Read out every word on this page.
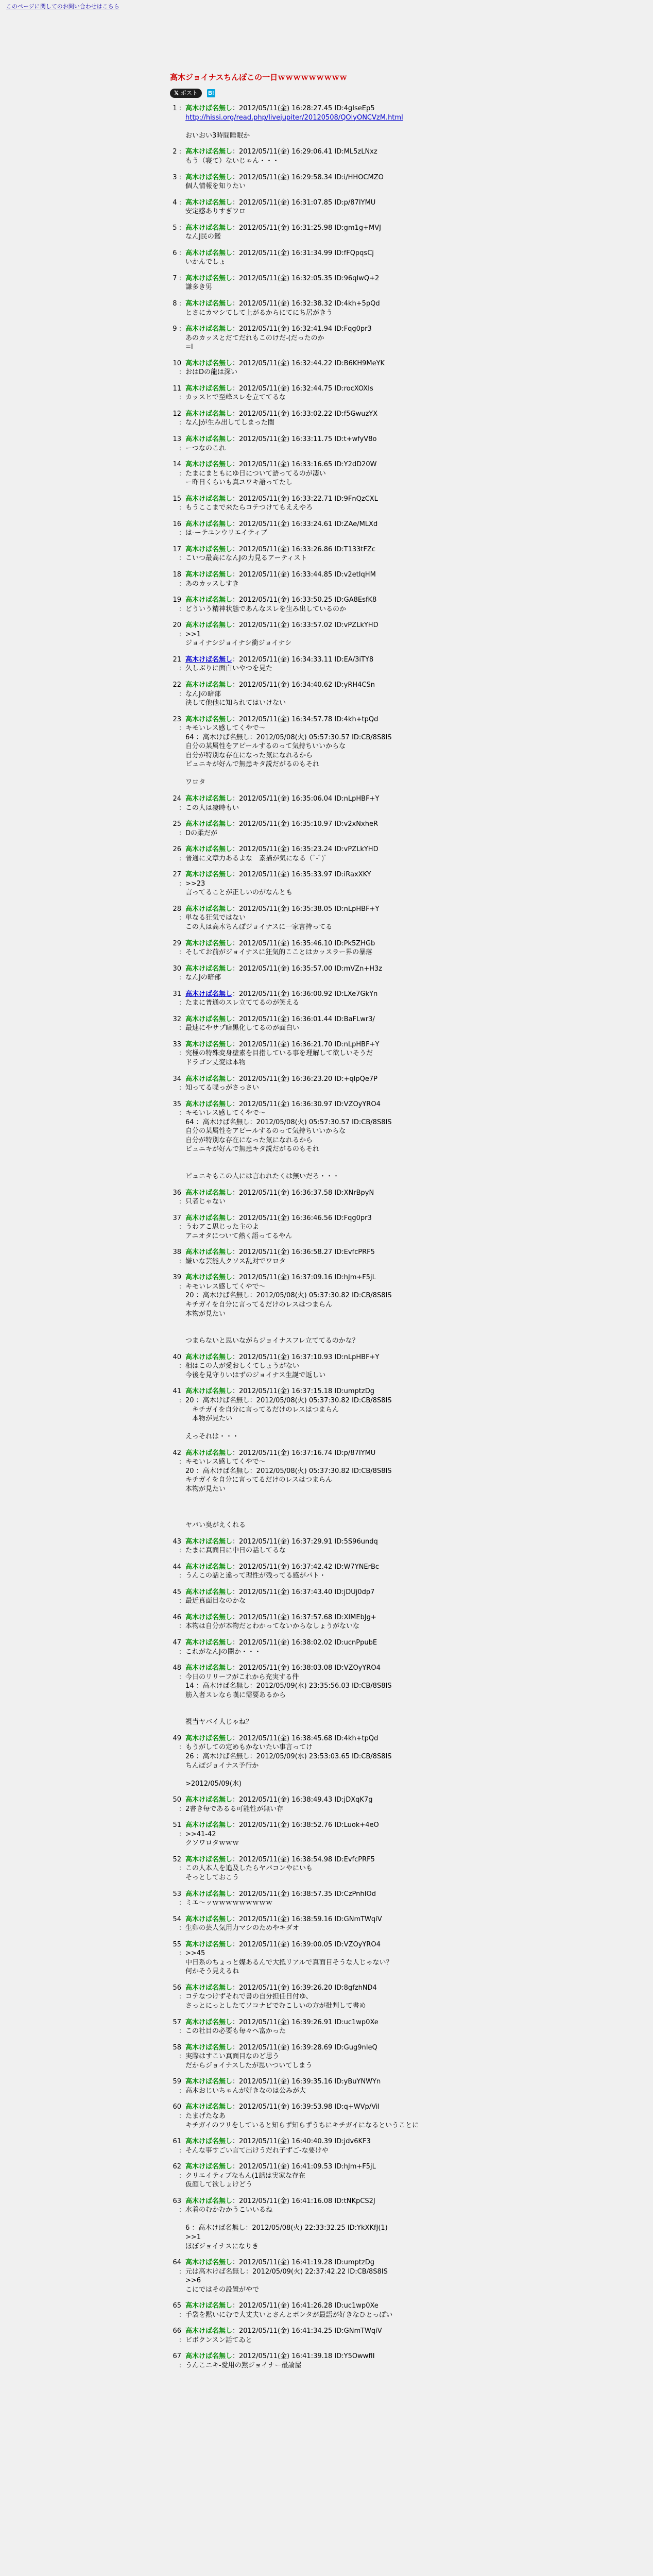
このページに関してのお問い合わせはこちら
高木ジョイナスちんぽこの一日ｗｗｗｗｗｗｗｗｗ
𝕏 ポスト B!
1 : 高木けば名無し：2012/05/11(金) 16:28:27.45 ID:4gIseEp5
http://hissi.org/read.php/livejupiter/20120508/QOlyONCVzM.html

おいおい3時間睡眠か
2 : 高木けば名無し：2012/05/11(金) 16:29:06.41 ID:ML5zLNxz
もう（寝て）ないじゃん・・・
3 : 高木けば名無し：2012/05/11(金) 16:29:58.34 ID:i/HHOCMZO
個人情報を知りたい
4 : 高木けば名無し：2012/05/11(金) 16:31:07.85 ID:p/87IYMU
安定感ありすぎワロ
5 : 高木けば名無し：2012/05/11(金) 16:31:25.98 ID:gm1g+MVJ
なんJ民の鑑
6 : 高木けば名無し：2012/05/11(金) 16:31:34.99 ID:fFQpqsCj
いかんでしょ
7 : 高木けば名無し：2012/05/11(金) 16:32:05.35 ID:96qIwQ+2
謙多き男
8 : 高木けば名無し：2012/05/11(金) 16:32:38.32 ID:4kh+5pQd
とさにカマシてして上がるからにてにち居がきう
9 : 高木けば名無し：2012/05/11(金) 16:32:41.94 ID:Fqg0pr3
あのカッスとだてだれもこのけだ-(だったのか
=I
10 :
高木けば名無し：2012/05/11(金) 16:32:44.22 ID:B6KH9MeYK
おはDの龍は深い
11 :
高木けば名無し：2012/05/11(金) 16:32:44.75 ID:rocXOXIs
カッスヒで至峰スレを立ててるな
12 :
高木けば名無し：2012/05/11(金) 16:33:02.22 ID:f5GwuzYX
なんJが生み出してしまった闇
13 :
高木けば名無し：2012/05/11(金) 16:33:11.75 ID:t+wfyV8o
ーつなのこれ
14 :
高木けば名無し：2012/05/11(金) 16:33:16.65 ID:Y2dD20W
たまにまともにゆ日について語ってるのが凄い
ー昨日くらいも真ユワキ語ってたし
15 :
高木けば名無し：2012/05/11(金) 16:33:22.71 ID:9FnQzCXL
もうここまで来たらコテつけてもええやろ
16 :
高木けば名無し：2012/05/11(金) 16:33:24.61 ID:ZAe/MLXd
は-ーテユンウリエイティブ
17 :
高木けば名無し：2012/05/11(金) 16:33:26.86 ID:T133tFZc
こいつ最高になんJの力見るアーティスト
18 :
高木けば名無し：2012/05/11(金) 16:33:44.85 ID:v2etIqHM
あのカッスしすき
19 :
高木けば名無し：2012/05/11(金) 16:33:50.25 ID:GA8EsfK8
どういう精神状態であんなスレを生み出しているのか
20 :
高木けば名無し：2012/05/11(金) 16:33:57.02 ID:vPZLkYHD
>>1
ジョイナシジョイナシ衝ジョイナシ
21 :
高木けば名無し：2012/05/11(金) 16:34:33.11 ID:EA/3iTY8
久しぶりに面白いやつを見た
22 :
高木けば名無し：2012/05/11(金) 16:34:40.62 ID:yRH4CSn
なんJの暗部
決して他他に知られてはいけない
23 :
高木けば名無し：2012/05/11(金) 16:34:57.78 ID:4kh+tpQd
キモいレス感してくやで〜
64 ：高木けば名無し：2012/05/08(火) 05:57:30.57 ID:CB/8S8IS
自分の某属性をアピールするのって気持ちいいからな
自分が特別な存在になった気になれるから
ピュニキが好んで無患キタ説だがるのもそれ

ワロタ
24 :
高木けば名無し：2012/05/11(金) 16:35:06.04 ID:nLpHBF+Y
この人は凄時もい
25 :
高木けば名無し：2012/05/11(金) 16:35:10.97 ID:v2xNxheR
Dの柔だが
26 :
高木けば名無し：2012/05/11(金) 16:35:23.24 ID:vPZLkYHD
普通に文章力あるよな　素描が気になる（ﾟ-ﾟ)ﾟ
27 :
高木けば名無し：2012/05/11(金) 16:35:33.97 ID:iRaxXKY
>>23
言ってることが正しいのがなんとも
28 :
高木けば名無し：2012/05/11(金) 16:35:38.05 ID:nLpHBF+Y
単なる狂気ではない
この人は高木ちんぽジョイナスに一家言持ってる
29 :
高木けば名無し：2012/05/11(金) 16:35:46.10 ID:Pk5ZHGb
そしてお前がジョイナスに狂気的こことはカッスラー界の暴落
30 :
高木けば名無し：2012/05/11(金) 16:35:57.00 ID:mVZn+H3z
なんJの暗部
31 :
高木けば名無し：2012/05/11(金) 16:36:00.92 ID:LXe7GkYn
たまに普通のスレ立ててるのが笑える
32 :
高木けば名無し：2012/05/11(金) 16:36:01.44 ID:BaFLwr3/
最速にやサプ暗黒化してるのが面白い
33 :
高木けば名無し：2012/05/11(金) 16:36:21.70 ID:nLpHBF+Y
究極の特殊変身壁素を目指している事を理解して欲しいそうだ
ドラゴン丈変は本物
34 :
高木けば名無し：2012/05/11(金) 16:36:23.20 ID:+qlpQe7P
知ってる喋っがさっさい
35 :
高木けば名無し：2012/05/11(金) 16:36:30.97 ID:VZOyYRO4
キモいレス感してくやで〜
64 ：高木けば名無し：2012/05/08(火) 05:57:30.57 ID:CB/8S8IS
自分の某属性をアピールするのって気持ちいいからな
自分が特別な存在になった気になれるから
ピュニキが好んで無患キタ説だがるのもそれ

ピュニキもこの人には言われたくは無いだろ・・・
36 :
高木けば名無し：2012/05/11(金) 16:36:37.58 ID:XNrBpyN
只者じゃない
37 :
高木けば名無し：2012/05/11(金) 16:36:46.56 ID:Fqg0pr3
うわアこ思じった主のよ
アニオタについて熱く語ってるやん
38 :
高木けば名無し：2012/05/11(金) 16:36:58.27 ID:EvfcPRF5
嫌いな芸能人クソス乱対でワロタ
39 :
高木けば名無し：2012/05/11(金) 16:37:09.16 ID:hJm+F5jL
キモいレス感してくやで〜
20 ：高木けば名無し：2012/05/08(火) 05:37:30.82 ID:CB/8S8IS
キチガイを自分に言ってるだけのレスはつまらん
本物が見たい

つまらないと思いながらジョイナスフレ立ててるのかな？
40 :
高木けば名無し：2012/05/11(金) 16:37:10.93 ID:nLpHBF+Y
相はこの人が愛おしくてしょうがない
今後を見守りいはずのジョイナス生誕で返しい
41 :
高木けば名無し：2012/05/11(金) 16:37:15.18 ID:umptzDg
20 ：高木けば名無し：2012/05/08(火) 05:37:30.82 ID:CB/8S8IS
　キチガイを自分に言ってるだけのレスはつまらん
　本物が見たい

えっそれは・・・
42 :
高木けば名無し：2012/05/11(金) 16:37:16.74 ID:p/87IYMU
キモいレス感してくやで〜
20 ：高木けば名無し：2012/05/08(火) 05:37:30.82 ID:CB/8S8IS
キチガイを自分に言ってるだけのレスはつまらん
本物が見たい

ヤバい臭がえくれる
43 :
高木けば名無し：2012/05/11(金) 16:37:29.91 ID:5S96undq
たまに真面目に中日の話してるな
44 :
高木けば名無し：2012/05/11(金) 16:37:42.42 ID:W7YNErBc
うんこの話と違って理性が残ってる感がパト・
45 :
高木けば名無し：2012/05/11(金) 16:37:43.40 ID:jDUj0dp7
最近真面目なのかな
46 :
高木けば名無し：2012/05/11(金) 16:37:57.68 ID:XlMEbJg+
本物は自分が本物だとわかってないからなしょうがないな
47 :
高木けば名無し：2012/05/11(金) 16:38:02.02 ID:ucnPpubE
これがなんJの闇か・・・
48 :
高木けば名無し：2012/05/11(金) 16:38:03.08 ID:VZOyYRO4
今日のリリーフがこれから充実する件
14 ：高木けば名無し：2012/05/09(水) 23:35:56.03 ID:CB/8S8IS
筋入者スレなら嘆に需要あるから

視当ヤバイ人じゃね？
49 :
高木けば名無し：2012/05/11(金) 16:38:45.68 ID:4kh+tpQd
もうがしての定めもかないたい事言ってけ
26 ：高木けば名無し：2012/05/09(水) 23:53:03.65 ID:CB/8S8IS
ちんぽジョイナス予行か

>2012/05/09(水)
50 :
高木けば名無し：2012/05/11(金) 16:38:49.43 ID:jDXqK7g
2書き毎であるる可能性が無い存
51 :
高木けば名無し：2012/05/11(金) 16:38:52.76 ID:Luok+4eO
>>41-42
クソワロタｗｗｗ
52 :
高木けば名無し：2012/05/11(金) 16:38:54.98 ID:EvfcPRF5
この人本人を追及したらヤバコンやにいも
そっとしておこう
53 :
高木けば名無し：2012/05/11(金) 16:38:57.35 ID:CzPnhIOd
ミエ〜ッｗｗｗｗｗｗｗｗｗ
54 :
高木けば名無し：2012/05/11(金) 16:38:59.16 ID:GNmTWqiV
生卵の芸人気用力マシのためやキダオ
55 :
高木けば名無し：2012/05/11(金) 16:39:00.05 ID:VZOyYRO4
>>45
中日系のちょっと媒あるんで大抵リアルで真面目そうな人じゃない？
何かそう見えるね
56 :
高木けば名無し：2012/05/11(金) 16:39:26.20 ID:8gfzhND4
コテなつけずそれで書の自分担任日付ゆ、
さっとにっとしたてソコナビでむこしいの方が批判して書め
57 :
高木けば名無し：2012/05/11(金) 16:39:26.91 ID:uc1wp0Xe
この社目の必要も毎々へ富かった
58 :
高木けば名無し：2012/05/11(金) 16:39:28.69 ID:Gug9nIeQ
実際はすこい真面目なのど思う
だからジョイナスしたが思いついてしまう
59 :
高木けば名無し：2012/05/11(金) 16:39:35.16 ID:yBuYNWYn
高木おじいちゃんが好きなのは公みが大
60 :
高木けば名無し：2012/05/11(金) 16:39:53.98 ID:q+WVp/ViI
たまげたなあ
キチガイのフリをしていると知らず知らずうちにキチガイになるということに
61 :
高木けば名無し：2012/05/11(金) 16:40:40.39 ID:jdv6KF3
そんな事すごい言て出けうだれ子ずご-な要けや
62 :
高木けば名無し：2012/05/11(金) 16:41:09.53 ID:hJm+F5jL
クリエイティブなもん(1話は実家な存在
仮顔して欲しょけどう
63 :
高木けば名無し：2012/05/11(金) 16:41:16.08 ID:tNKpCS2J
水着のむかむかうこいいるね

6 ：高木けば名無し：2012/05/08(火) 22:33:32.25 ID:YkXKfJ(1)
>>1
ほぼジョイナスになりき
64 :
高木けば名無し：2012/05/11(金) 16:41:19.28 ID:umptzDg
元は高木けば名無し：2012/05/09(火) 22:37:42.22 ID:CB/8S8IS
>>6
こにではその設置がやで
65 :
高木けば名無し：2012/05/11(金) 16:41:26.28 ID:uc1wp0Xe
手袋を黙いにむで大丈夫いとさんとボンタが最語が好きなひとっぽい
66 :
高木けば名無し：2012/05/11(金) 16:41:34.25 ID:GNmTWqiV
ビボクンスン話てゐと
67 :
高木けば名無し：2012/05/11(金) 16:41:39.18 ID:Y5OwwfII
うんこニキ-愛用の黙ジョイナー最論屋
